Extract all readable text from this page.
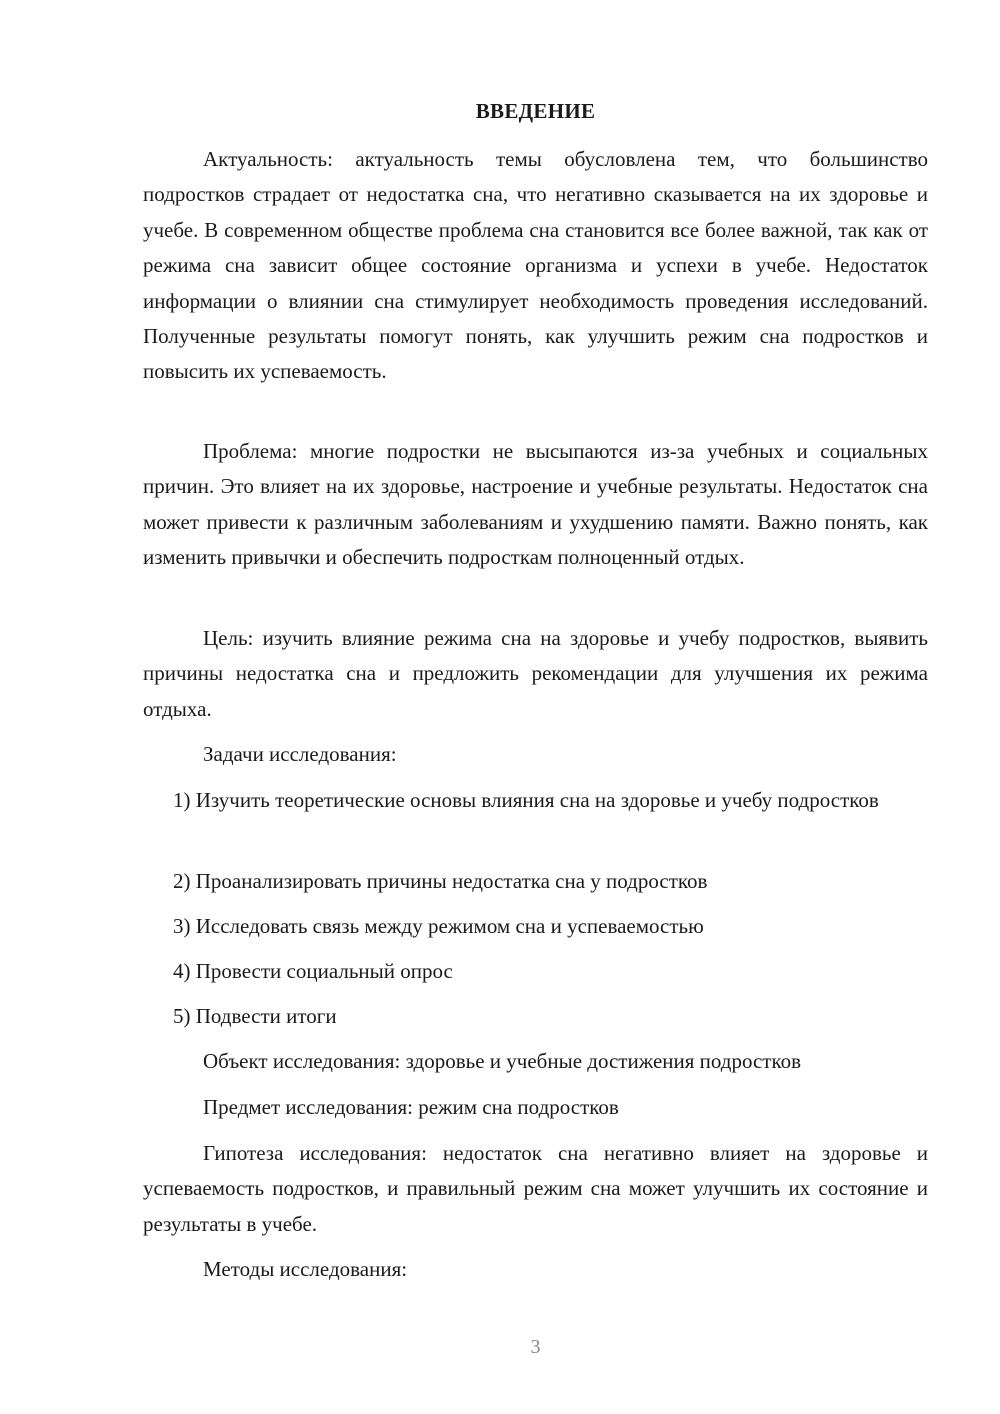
ВВЕДЕНИЕ
Актуальность: актуальность темы обусловлена тем, что большинство подростков страдает от недостатка сна, что негативно сказывается на их здоровье и учебе. В современном обществе проблема сна становится все более важной, так как от режима сна зависит общее состояние организма и успехи в учебе. Недостаток информации о влиянии сна стимулирует необходимость проведения исследований. Полученные результаты помогут понять, как улучшить режим сна подростков и повысить их успеваемость.
Проблема: многие подростки не высыпаются из-за учебных и социальных причин. Это влияет на их здоровье, настроение и учебные результаты. Недостаток сна может привести к различным заболеваниям и ухудшению памяти. Важно понять, как изменить привычки и обеспечить подросткам полноценный отдых.
Цель: изучить влияние режима сна на здоровье и учебу подростков, выявить причины недостатка сна и предложить рекомендации для улучшения их режима отдыха.
Задачи исследования:
1) Изучить теоретические основы влияния сна на здоровье и учебу подростков
2) Проанализировать причины недостатка сна у подростков
3) Исследовать связь между режимом сна и успеваемостью
4) Провести социальный опрос
5) Подвести итоги
Объект исследования: здоровье и учебные достижения подростков
Предмет исследования: режим сна подростков
Гипотеза исследования: недостаток сна негативно влияет на здоровье и успеваемость подростков, и правильный режим сна может улучшить их состояние и результаты в учебе.
Методы исследования:
3
